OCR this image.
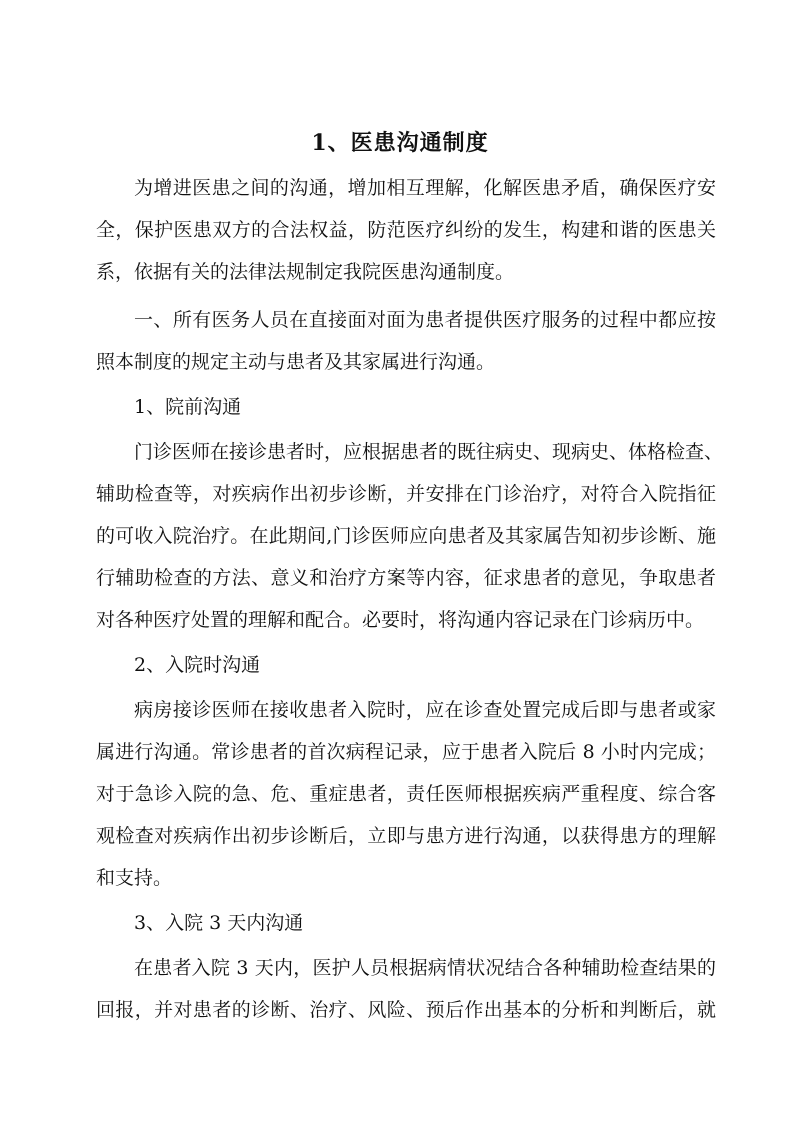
1、医患沟通制度
为增进医患之间的沟通，增加相互理解，化解医患矛盾，确保医疗安
全，保护医患双方的合法权益，防范医疗纠纷的发生，构建和谐的医患关
系，依据有关的法律法规制定我院医患沟通制度。
一、所有医务人员在直接面对面为患者提供医疗服务的过程中都应按
照本制度的规定主动与患者及其家属进行沟通。
1、院前沟通
门诊医师在接诊患者时，应根据患者的既往病史、现病史、体格检查、
辅助检查等，对疾病作出初步诊断，并安排在门诊治疗，对符合入院指征
的可收入院治疗。在此期间,门诊医师应向患者及其家属告知初步诊断、施
行辅助检查的方法、意义和治疗方案等内容，征求患者的意见，争取患者
对各种医疗处置的理解和配合。必要时，将沟通内容记录在门诊病历中。
2、入院时沟通
病房接诊医师在接收患者入院时，应在诊查处置完成后即与患者或家
属进行沟通。常诊患者的首次病程记录，应于患者入院后 8 小时内完成；
对于急诊入院的急、危、重症患者，责任医师根据疾病严重程度、综合客
观检查对疾病作出初步诊断后，立即与患方进行沟通，以获得患方的理解
和支持。
3、入院 3 天内沟通
在患者入院 3 天内，医护人员根据病情状况结合各种辅助检查结果的
回报，并对患者的诊断、治疗、风险、预后作出基本的分析和判断后，就
